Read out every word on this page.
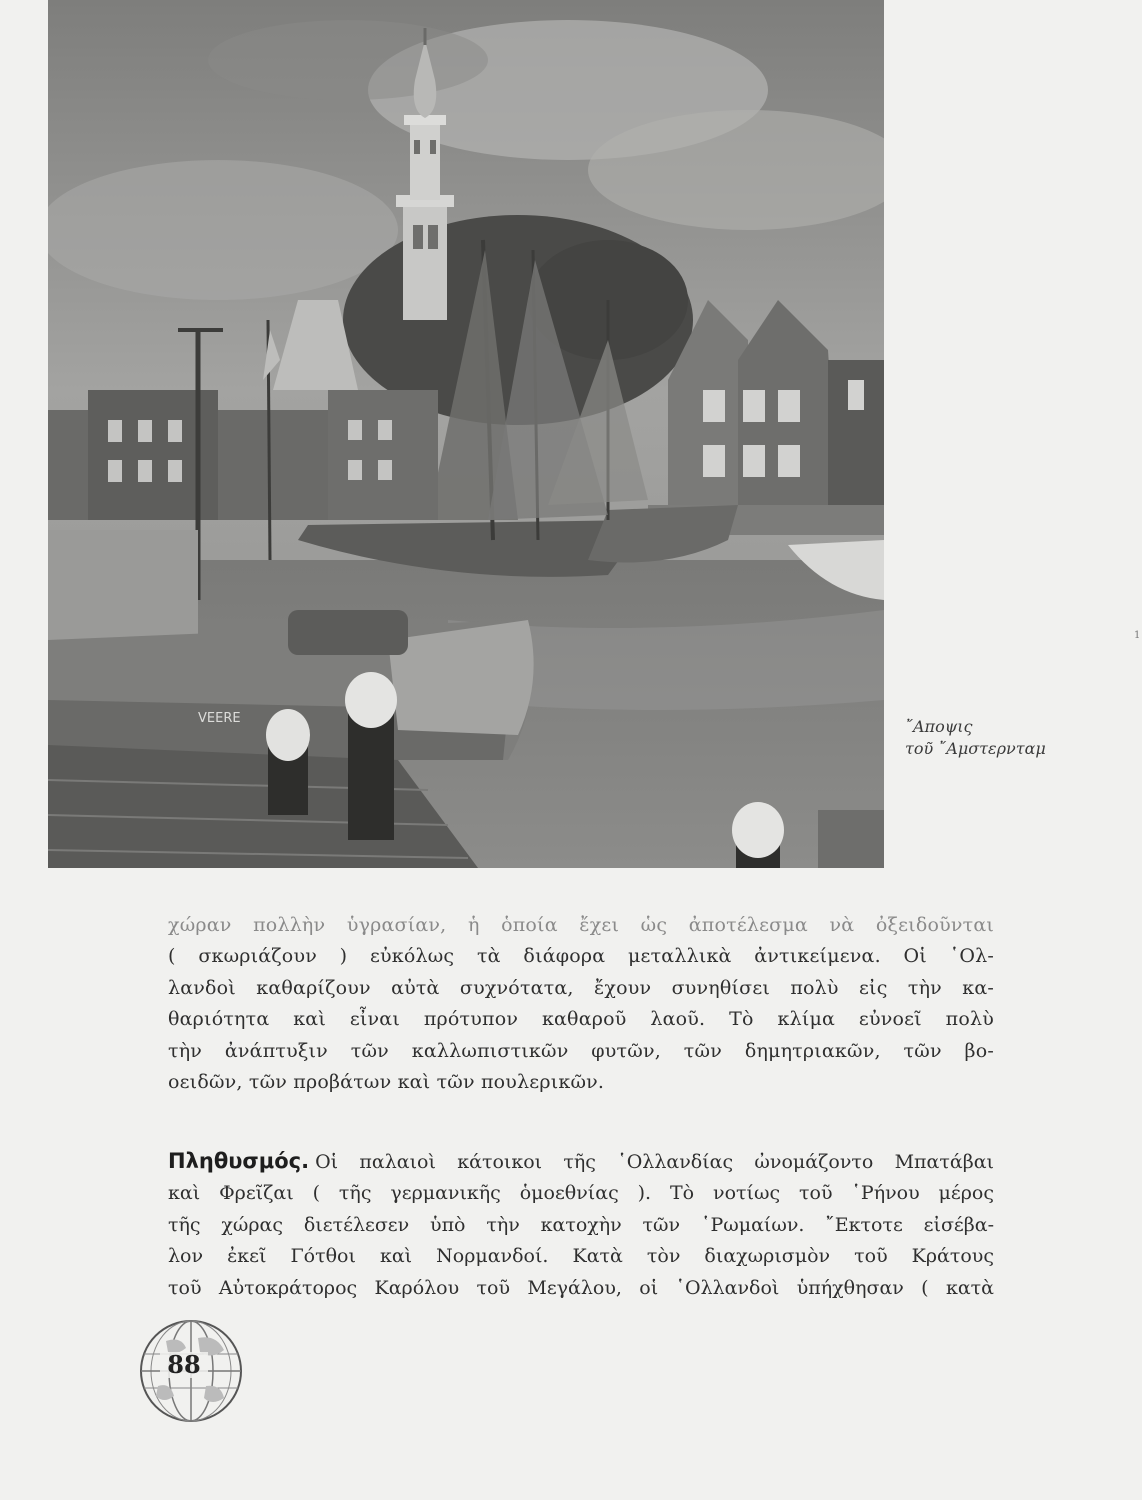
VEERE	῎Αποψις
τοῦ ῎Αμστερνταμ
1

χώραν πολλὴν ὑγρασίαν, ἡ ὁποία ἔχει ὡς ἀποτέλεσμα νὰ ὀξειδοῦνται
( σκωριάζουν ) εὐκόλως τὰ διάφορα μεταλλικὰ ἀντικείμενα. Οἱ ῾Ολ-
λανδοὶ καθαρίζουν αὐτὰ συχνότατα, ἔχουν συνηθίσει πολὺ εἰς τὴν κα-
θαριότητα καὶ εἶναι πρότυπον καθαροῦ λαοῦ. Τὸ κλίμα εὐνοεῖ πολὺ
τὴν ἀνάπτυξιν τῶν καλλωπιστικῶν φυτῶν, τῶν δημητριακῶν, τῶν βο-
οειδῶν, τῶν προβάτων καὶ τῶν πουλερικῶν.

Πληθυσμός. Οἱ παλαιοὶ κάτοικοι τῆς ῾Ολλανδίας ὠνομάζοντο Μπατάβαι
καὶ Φρεῖζαι ( τῆς γερμανικῆς ὁμοεθνίας ). Τὸ νοτίως τοῦ ῾Ρήνου μέρος
τῆς χώρας διετέλεσεν ὑπὸ τὴν κατοχὴν τῶν ῾Ρωμαίων. ῎Εκτοτε εἰσέβα-
λον ἐκεῖ Γότθοι καὶ Νορμανδοί. Κατὰ τὸν διαχωρισμὸν τοῦ Κράτους
τοῦ Αὐτοκράτορος Καρόλου τοῦ Μεγάλου, οἱ ῾Ολλανδοὶ ὑπήχθησαν ( κατὰ

88
